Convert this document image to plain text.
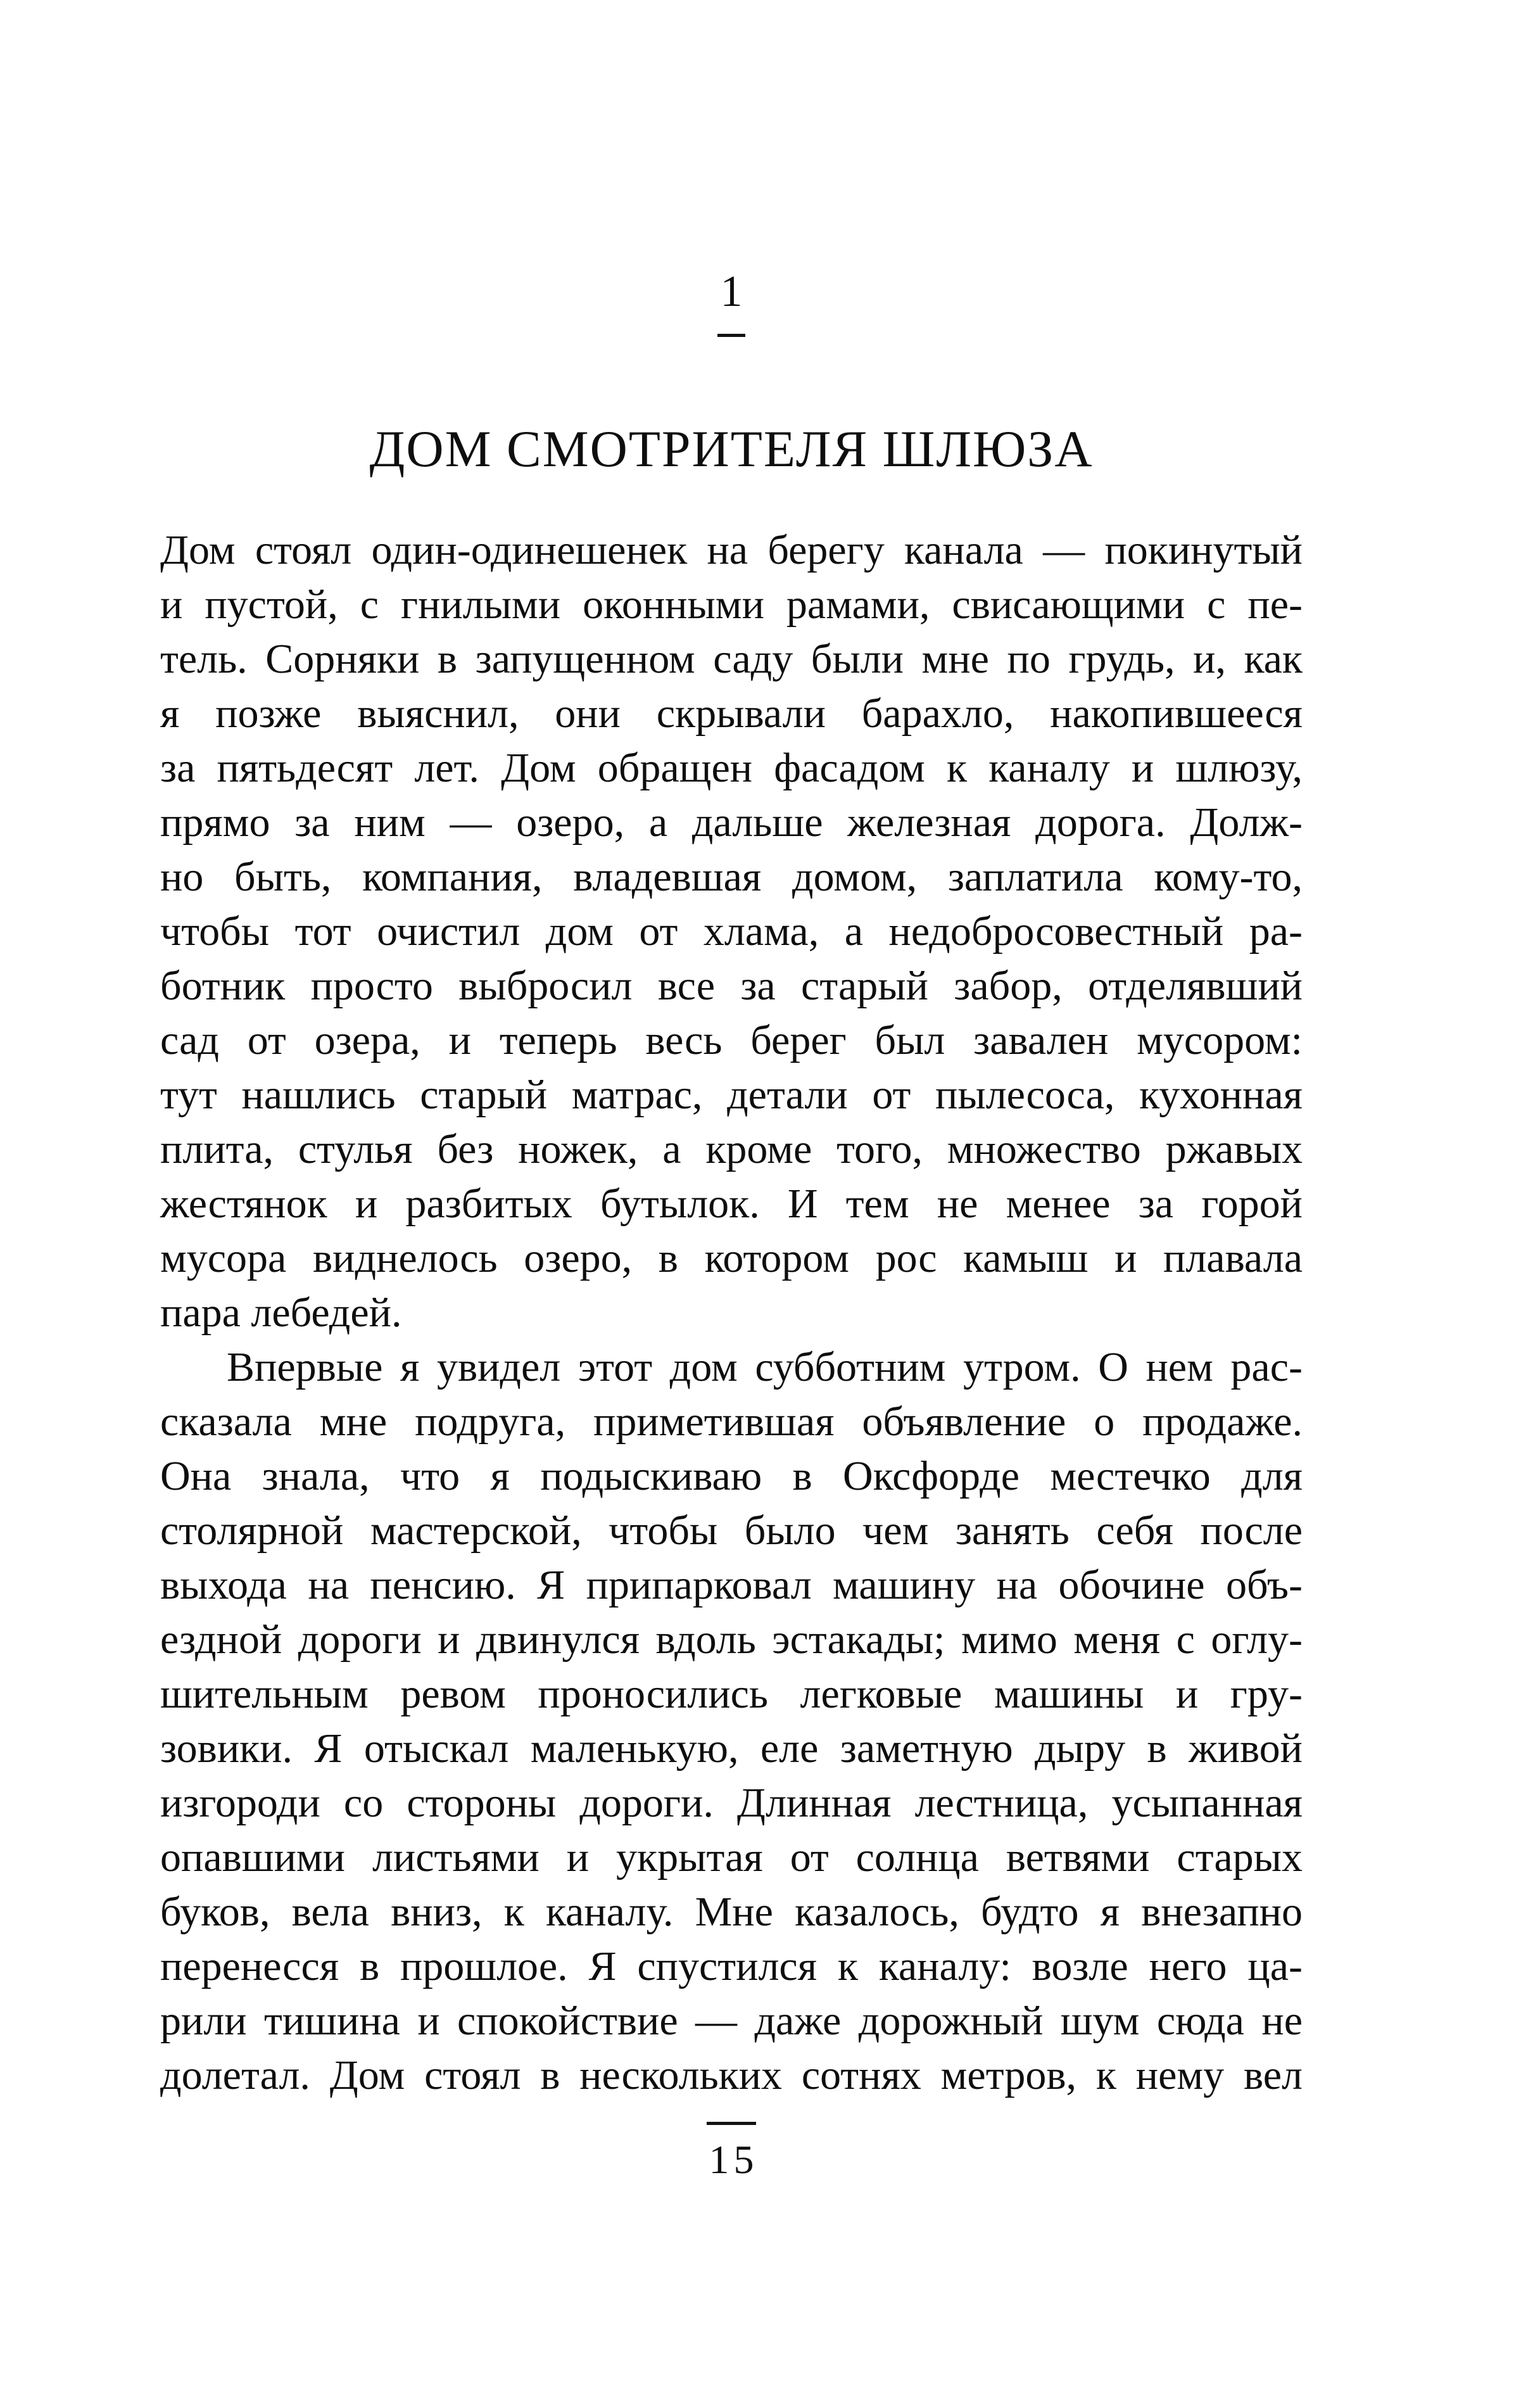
1
ДОМ СМОТРИТЕЛЯ ШЛЮЗА
Дом стоял один-одинешенек на берегу канала — покинутый
и пустой, с гнилыми оконными рамами, свисающими с пе-
тель. Сорняки в запущенном саду были мне по грудь, и, как
я позже выяснил, они скрывали барахло, накопившееся
за пятьдесят лет. Дом обращен фасадом к каналу и шлюзу,
прямо за ним — озеро, а дальше железная дорога. Долж-
но быть, компания, владевшая домом, заплатила кому-то,
чтобы тот очистил дом от хлама, а недобросовестный ра-
ботник просто выбросил все за старый забор, отделявший
сад от озера, и теперь весь берег был завален мусором:
тут нашлись старый матрас, детали от пылесоса, кухонная
плита, стулья без ножек, а кроме того, множество ржавых
жестянок и разбитых бутылок. И тем не менее за горой
мусора виднелось озеро, в котором рос камыш и плавала
пара лебедей.
Впервые я увидел этот дом субботним утром. О нем рас-
сказала мне подруга, приметившая объявление о продаже.
Она знала, что я подыскиваю в Оксфорде местечко для
столярной мастерской, чтобы было чем занять себя после
выхода на пенсию. Я припарковал машину на обочине объ-
ездной дороги и двинулся вдоль эстакады; мимо меня с оглу-
шительным ревом проносились легковые машины и гру-
зовики. Я отыскал маленькую, еле заметную дыру в живой
изгороди со стороны дороги. Длинная лестница, усыпанная
опавшими листьями и укрытая от солнца ветвями старых
буков, вела вниз, к каналу. Мне казалось, будто я внезапно
перенесся в прошлое. Я спустился к каналу: возле него ца-
рили тишина и спокойствие — даже дорожный шум сюда не
долетал. Дом стоял в нескольких сотнях метров, к нему вел
15
